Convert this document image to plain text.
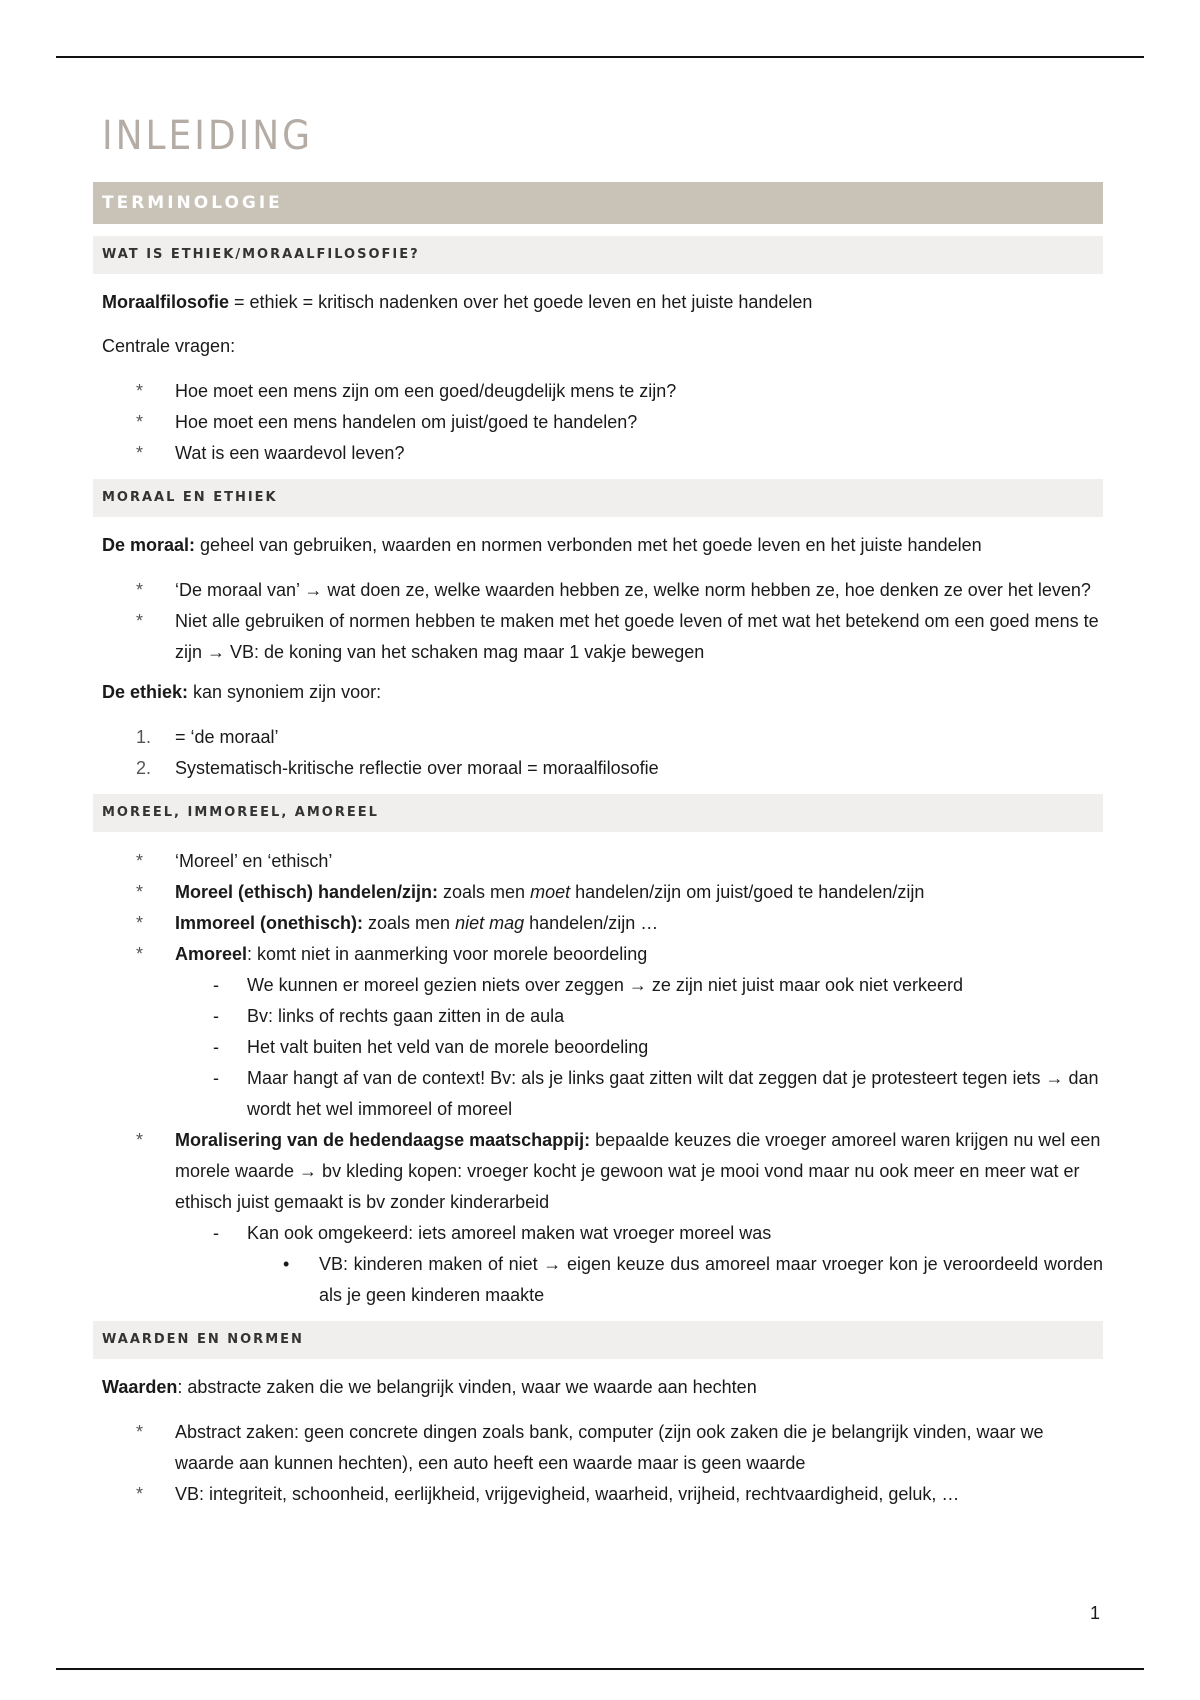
INLEIDING
TERMINOLOGIE
WAT IS ETHIEK/MORAALFILOSOFIE?

Moraalfilosofie = ethiek = kritisch nadenken over het goede leven en het juiste handelen

Centrale vragen:

* Hoe moet een mens zijn om een goed/deugdelijk mens te zijn?
* Hoe moet een mens handelen om juist/goed te handelen?
* Wat is een waardevol leven?
MORAAL EN ETHIEK

De moraal: geheel van gebruiken, waarden en normen verbonden met het goede leven en het juiste handelen

* ‘De moraal van’ → wat doen ze, welke waarden hebben ze, welke norm hebben ze, hoe denken ze over het leven?
* Niet alle gebruiken of normen hebben te maken met het goede leven of met wat het betekend om een goed mens te zijn → VB: de koning van het schaken mag maar 1 vakje bewegen

De ethiek: kan synoniem zijn voor:

1. = ‘de moraal’
2. Systematisch-kritische reflectie over moraal = moraalfilosofie
MOREEL, IMMOREEL, AMOREEL
* ‘Moreel’ en ‘ethisch’
* Moreel (ethisch) handelen/zijn: zoals men moet handelen/zijn om juist/goed te handelen/zijn
* Immoreel (onethisch): zoals men niet mag handelen/zijn …
* Amoreel: komt niet in aanmerking voor morele beoordeling
- We kunnen er moreel gezien niets over zeggen → ze zijn niet juist maar ook niet verkeerd
- Bv: links of rechts gaan zitten in de aula
- Het valt buiten het veld van de morele beoordeling
- Maar hangt af van de context! Bv: als je links gaat zitten wilt dat zeggen dat je protesteert tegen iets → dan wordt het wel immoreel of moreel
* Moralisering van de hedendaagse maatschappij: bepaalde keuzes die vroeger amoreel waren krijgen nu wel een morele waarde → bv kleding kopen: vroeger kocht je gewoon wat je mooi vond maar nu ook meer en meer wat er ethisch juist gemaakt is bv zonder kinderarbeid
- Kan ook omgekeerd: iets amoreel maken wat vroeger moreel was
• VB: kinderen maken of niet → eigen keuze dus amoreel maar vroeger kon je veroordeeld worden als je geen kinderen maakte
WAARDEN EN NORMEN

Waarden: abstracte zaken die we belangrijk vinden, waar we waarde aan hechten

* Abstract zaken: geen concrete dingen zoals bank, computer (zijn ook zaken die je belangrijk vinden, waar we waarde aan kunnen hechten), een auto heeft een waarde maar is geen waarde
* VB: integriteit, schoonheid, eerlijkheid, vrijgevigheid, waarheid, vrijheid, rechtvaardigheid, geluk, …
1
